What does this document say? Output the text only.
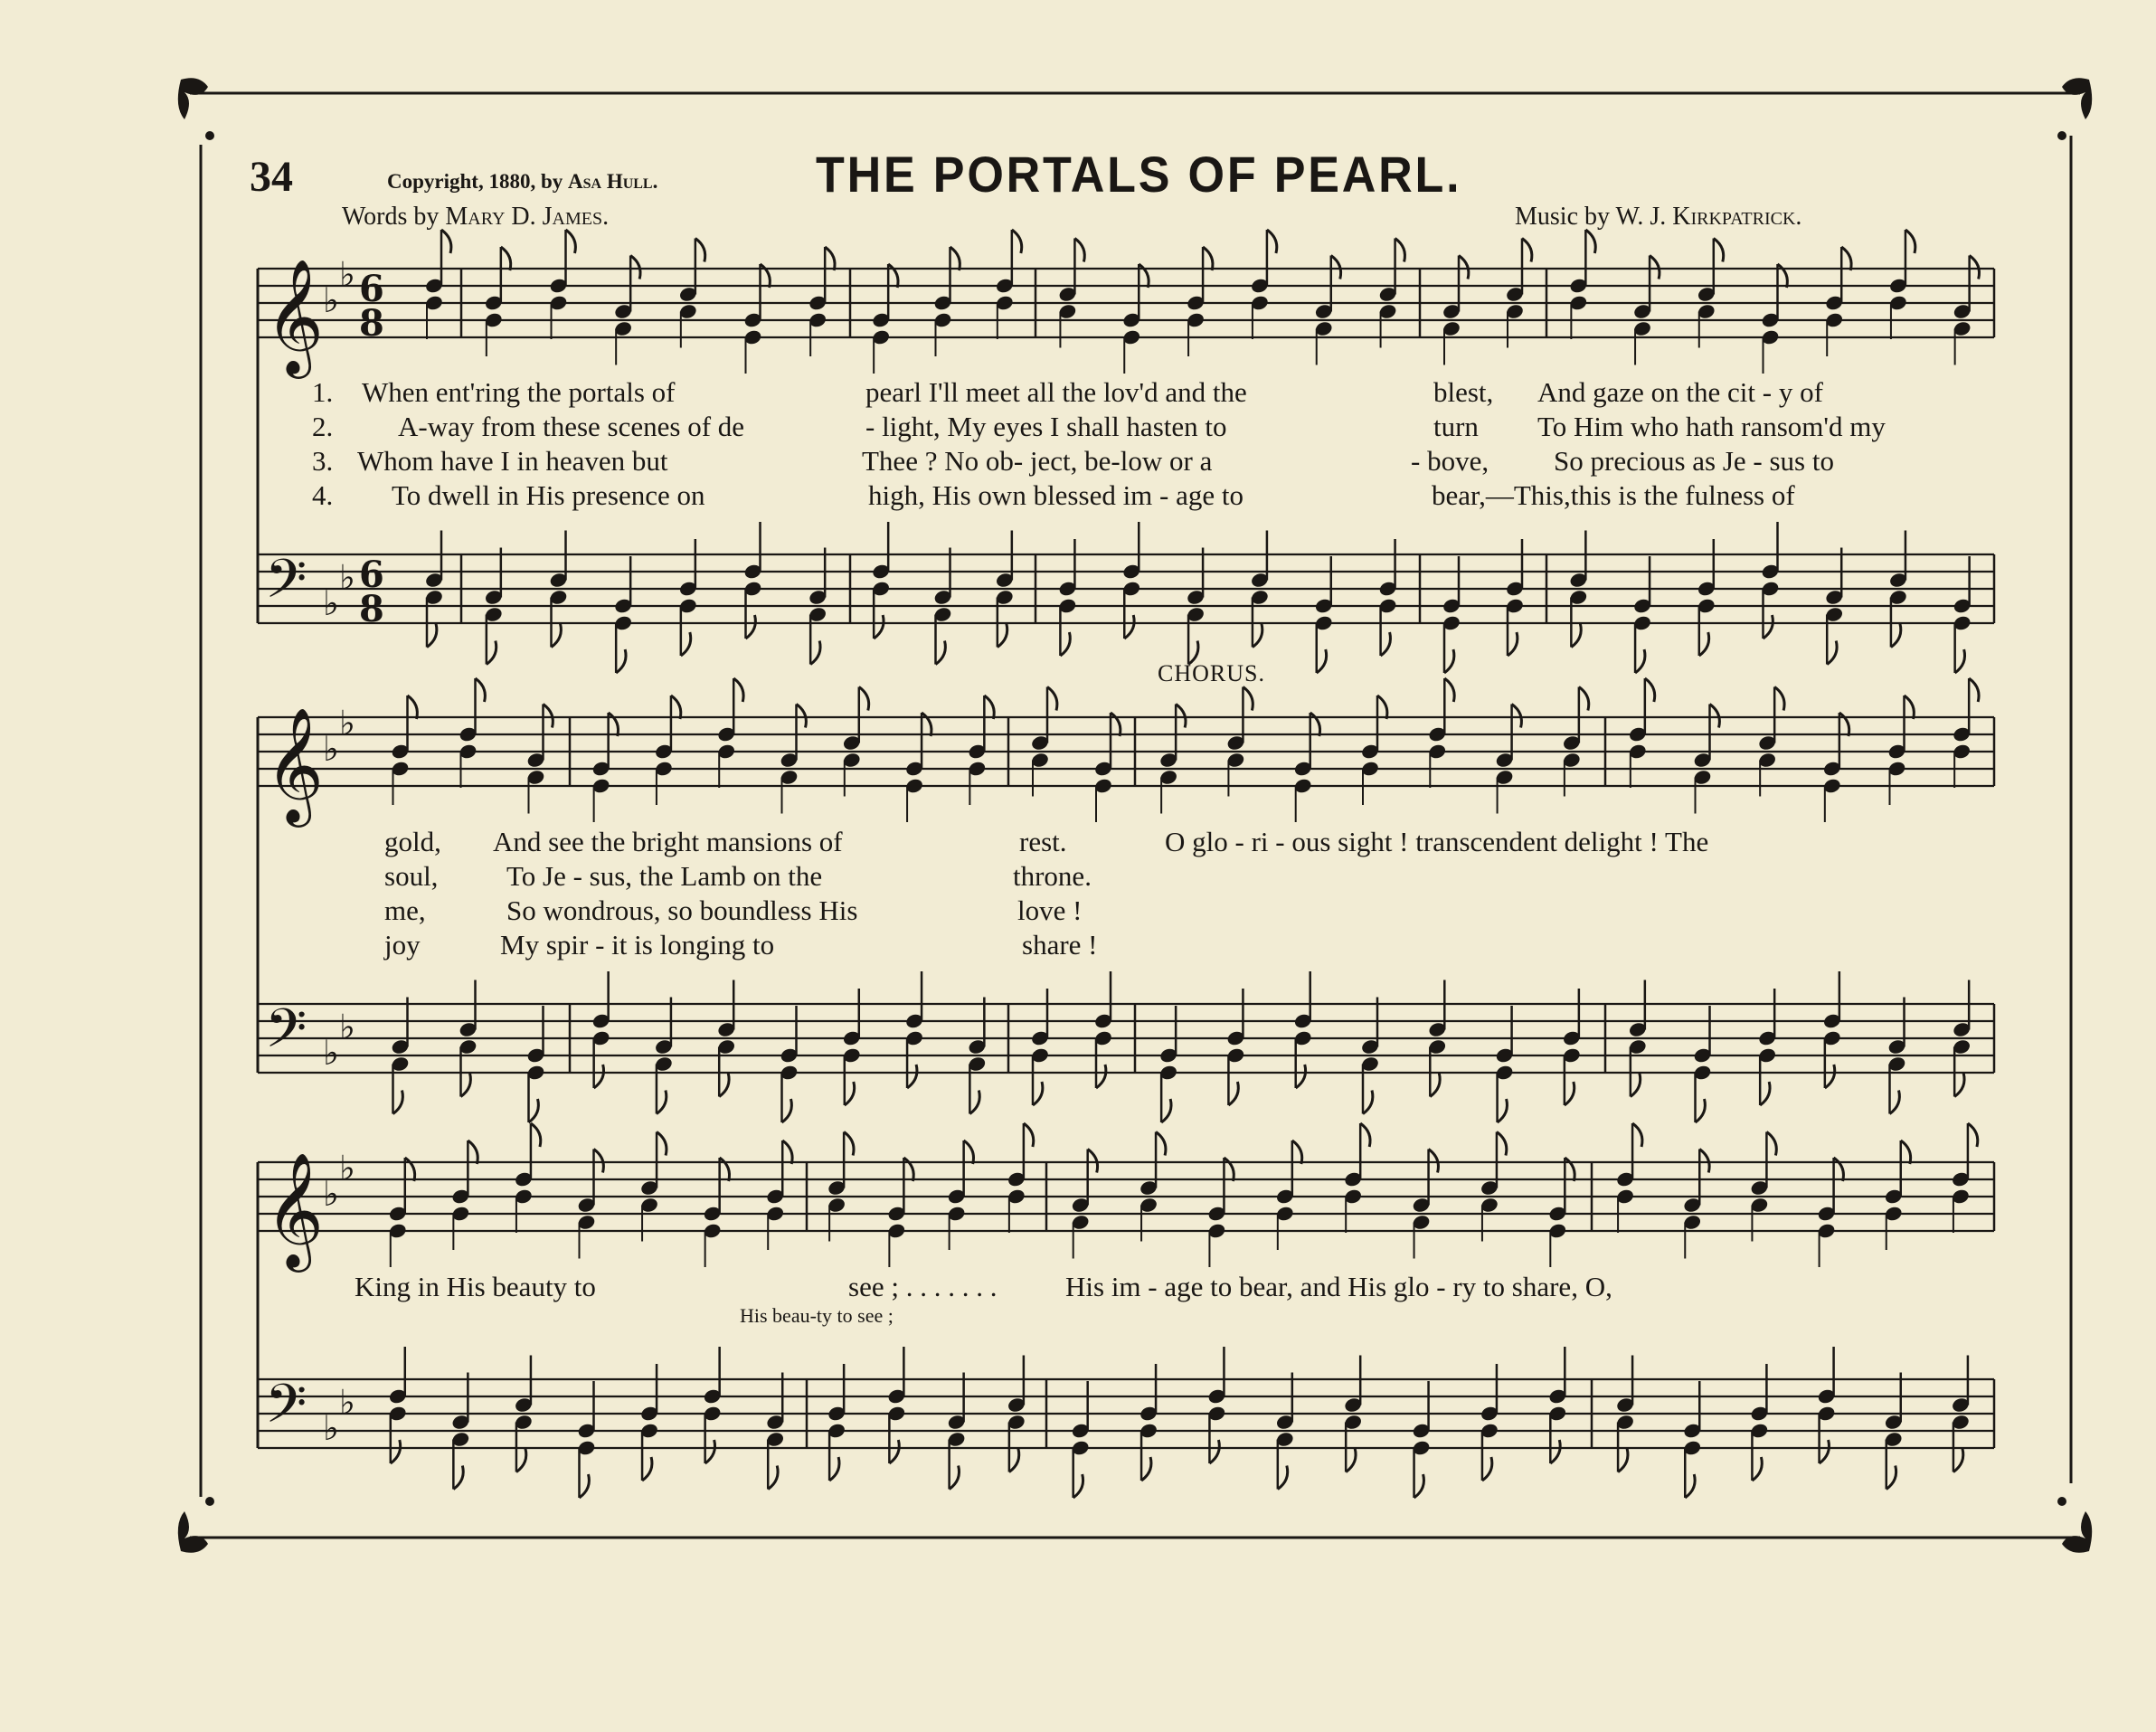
34	Copyright, 1880, by Asa Hull.	THE PORTALS OF PEARL.
Words by Mary D. James.	Music by W. J. Kirkpatrick.
𝄞
♭
♭ 6
8
𝄢 ♭
♭ 6
8
𝄞
♭
♭
𝄢 ♭
♭
𝄞
♭
♭
𝄢 ♭
♭
1. When ent'ring the portals of	pearl I'll meet all the lov'd and the	blest, And gaze on the cit - y of
2. A-way from these scenes of de	- light, My eyes I shall hasten to	turn To Him who hath ransom'd my
3. Whom have I in heaven but	Thee ? No ob- ject, be-low or a	- bove, So precious as Je - sus to
4. To dwell in His presence on	high, His own blessed im - age to	bear,—This,this is the fulness of
CHORUS.
gold, And see the bright mansions of	rest.	O glo - ri - ous sight ! transcendent delight ! The
soul, To Je - sus, the Lamb on the	throne.
me,	So wondrous, so boundless His	love !
joy	My spir - it is longing to	share !
King in His beauty to	see ; . . . . . . . His im - age to bear, and His glo - ry to share, O,
His beau-ty to see ;
